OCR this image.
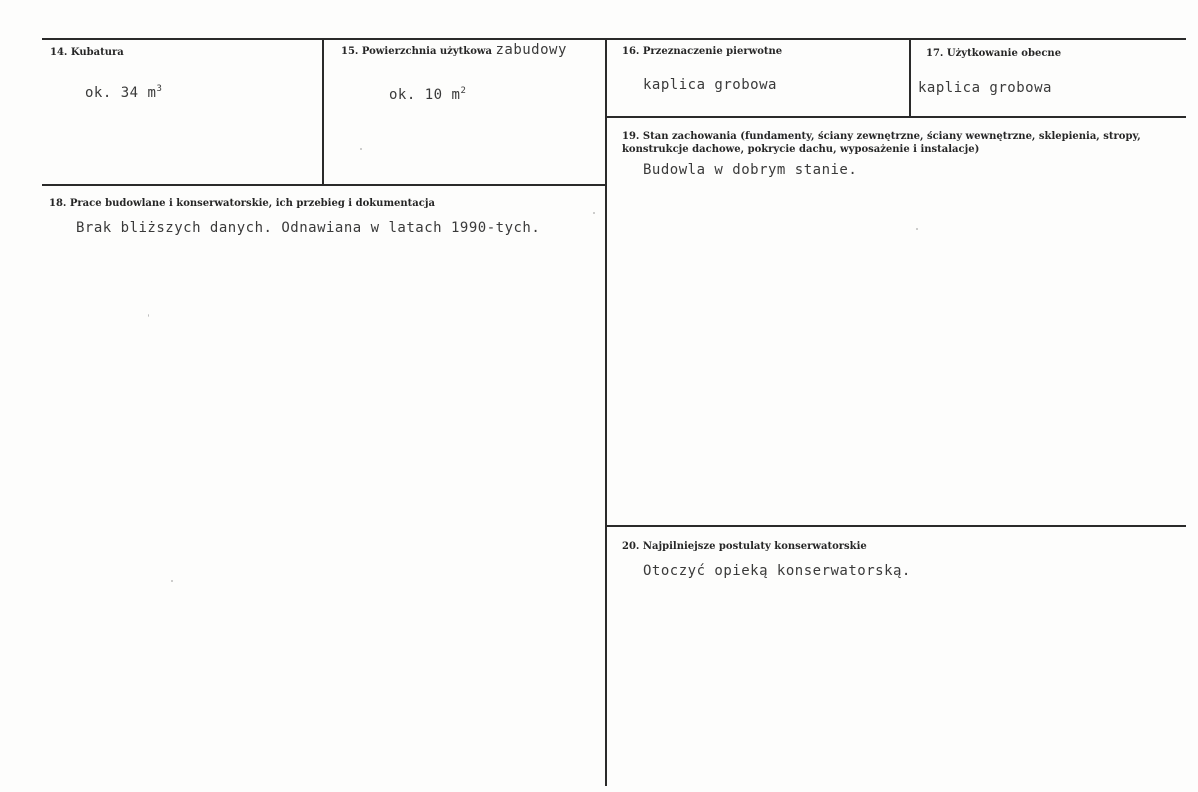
14. Kubatura
ok. 34 $m^3$
15. Powierzchnia użytkowa zabudowy
ok. 10 $m^2$
16. Przeznaczenie pierwotne
kaplica grobowa
17. Użytkowanie obecne
kaplica grobowa
18. Prace budowlane i konserwatorskie, ich przebieg i dokumentacja
Brak bliższych danych. Odnawiana w latach 1990-tych.
19. Stan zachowania (fundamenty, ściany zewnętrzne, ściany wewnętrzne, sklepienia, stropy, konstrukcje dachowe, pokrycie dachu, wyposażenie i instalacje)
Budowla w dobrym stanie.
20. Najpilniejsze postulaty konserwatorskie
Otoczyć opieką konserwatorską.
